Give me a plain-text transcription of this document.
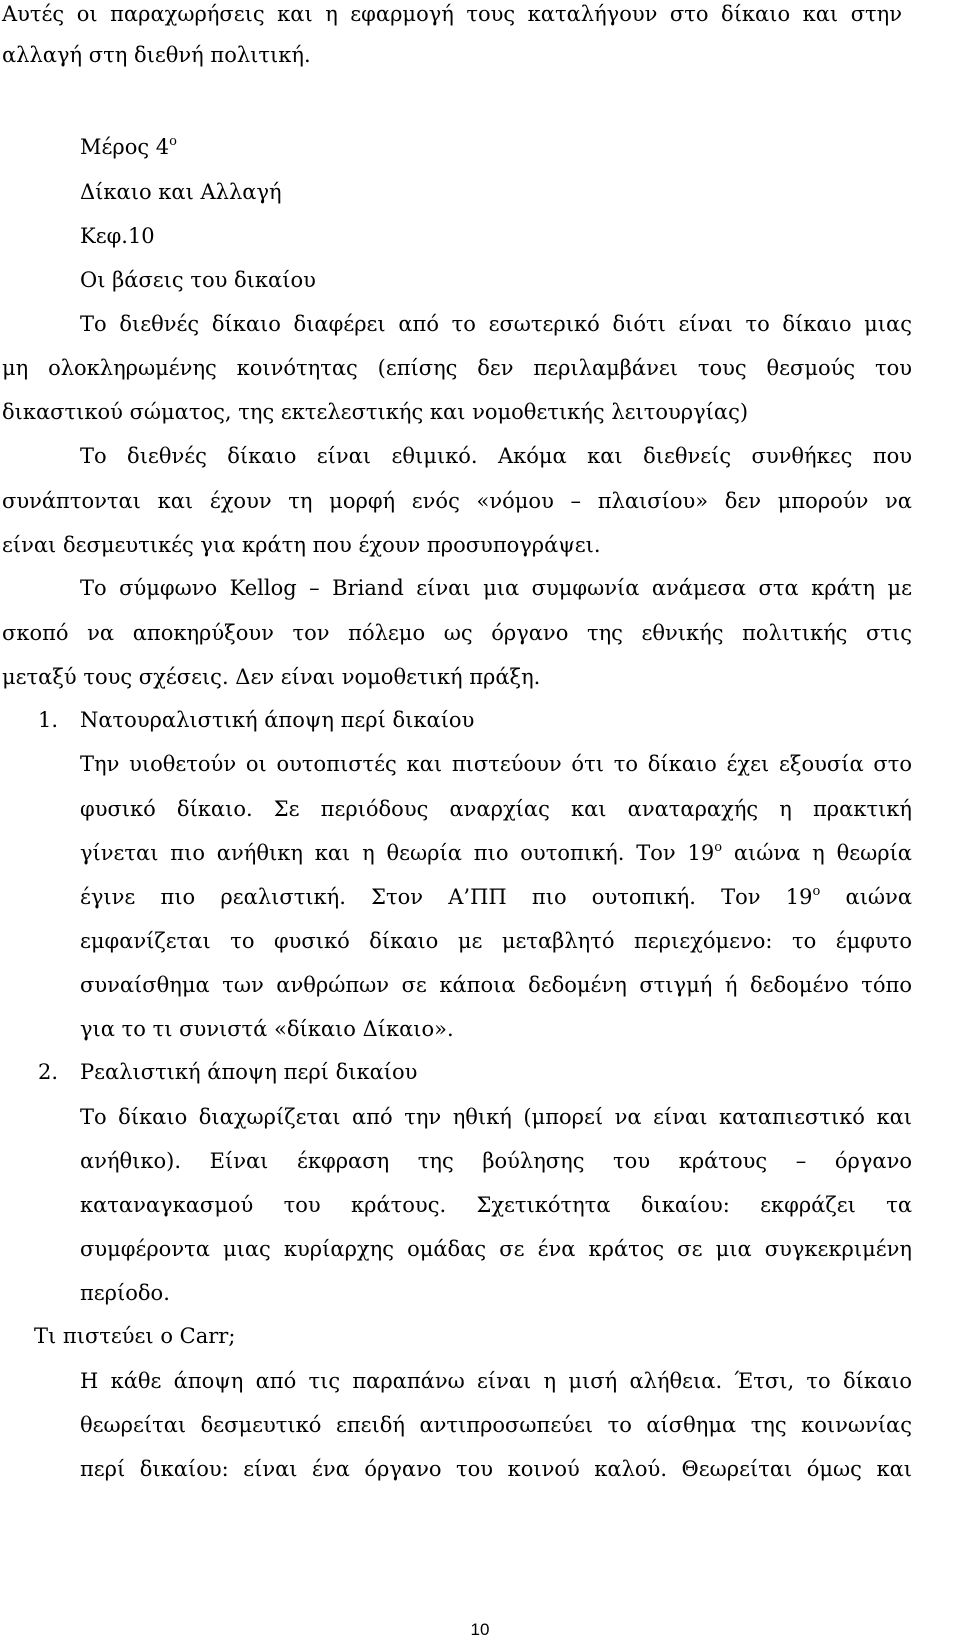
Αυτές οι παραχωρήσεις και η εφαρμογή τους καταλήγουν στο δίκαιο και στην

αλλαγή στη διεθνή πολιτική.

Μέρος $4^o$

Δίκαιο και Αλλαγή

Κεφ.10

Οι βάσεις του δικαίου

Το διεθνές δίκαιο διαφέρει από το εσωτερικό διότι είναι το δίκαιο μιας

μη ολοκληρωμένης κοινότητας (επίσης δεν περιλαμβάνει τους θεσμούς του

δικαστικού σώματος, της εκτελεστικής και νομοθετικής λειτουργίας)

Το διεθνές δίκαιο είναι εθιμικό. Ακόμα και διεθνείς συνθήκες που

συνάπτονται και έχουν τη μορφή ενός «νόμου – πλαισίου» δεν μπορούν να

είναι δεσμευτικές για κράτη που έχουν προσυπογράψει.

Το σύμφωνο Kellog – Briand είναι μια συμφωνία ανάμεσα στα κράτη με

σκοπό να αποκηρύξουν τον πόλεμο ως όργανο της εθνικής πολιτικής στις

μεταξύ τους σχέσεις. Δεν είναι νομοθετική πράξη.

1. Νατουραλιστική άποψη περί δικαίου

Την υιοθετούν οι ουτοπιστές και πιστεύουν ότι το δίκαιο έχει εξουσία στο

φυσικό δίκαιο. Σε περιόδους αναρχίας και αναταραχής η πρακτική

γίνεται πιο ανήθικη και η θεωρία πιο ουτοπική. Τον $19^o$ αιώνα η θεωρία

έγινε πιο ρεαλιστική. Στον Α’ΠΠ πιο ουτοπική. Τον $19^o$ αιώνα

εμφανίζεται το φυσικό δίκαιο με μεταβλητό περιεχόμενο: το έμφυτο

συναίσθημα των ανθρώπων σε κάποια δεδομένη στιγμή ή δεδομένο τόπο

για το τι συνιστά «δίκαιο Δίκαιο».

2. Ρεαλιστική άποψη περί δικαίου

Το δίκαιο διαχωρίζεται από την ηθική (μπορεί να είναι καταπιεστικό και

ανήθικο). Είναι έκφραση της βούλησης του κράτους – όργανο

καταναγκασμού του κράτους. Σχετικότητα δικαίου: εκφράζει τα

συμφέροντα μιας κυρίαρχης ομάδας σε ένα κράτος σε μια συγκεκριμένη

περίοδο.

Τι πιστεύει ο Carr;

Η κάθε άποψη από τις παραπάνω είναι η μισή αλήθεια. Έτσι, το δίκαιο

θεωρείται δεσμευτικό επειδή αντιπροσωπεύει το αίσθημα της κοινωνίας

περί δικαίου: είναι ένα όργανο του κοινού καλού. Θεωρείται όμως και

10
